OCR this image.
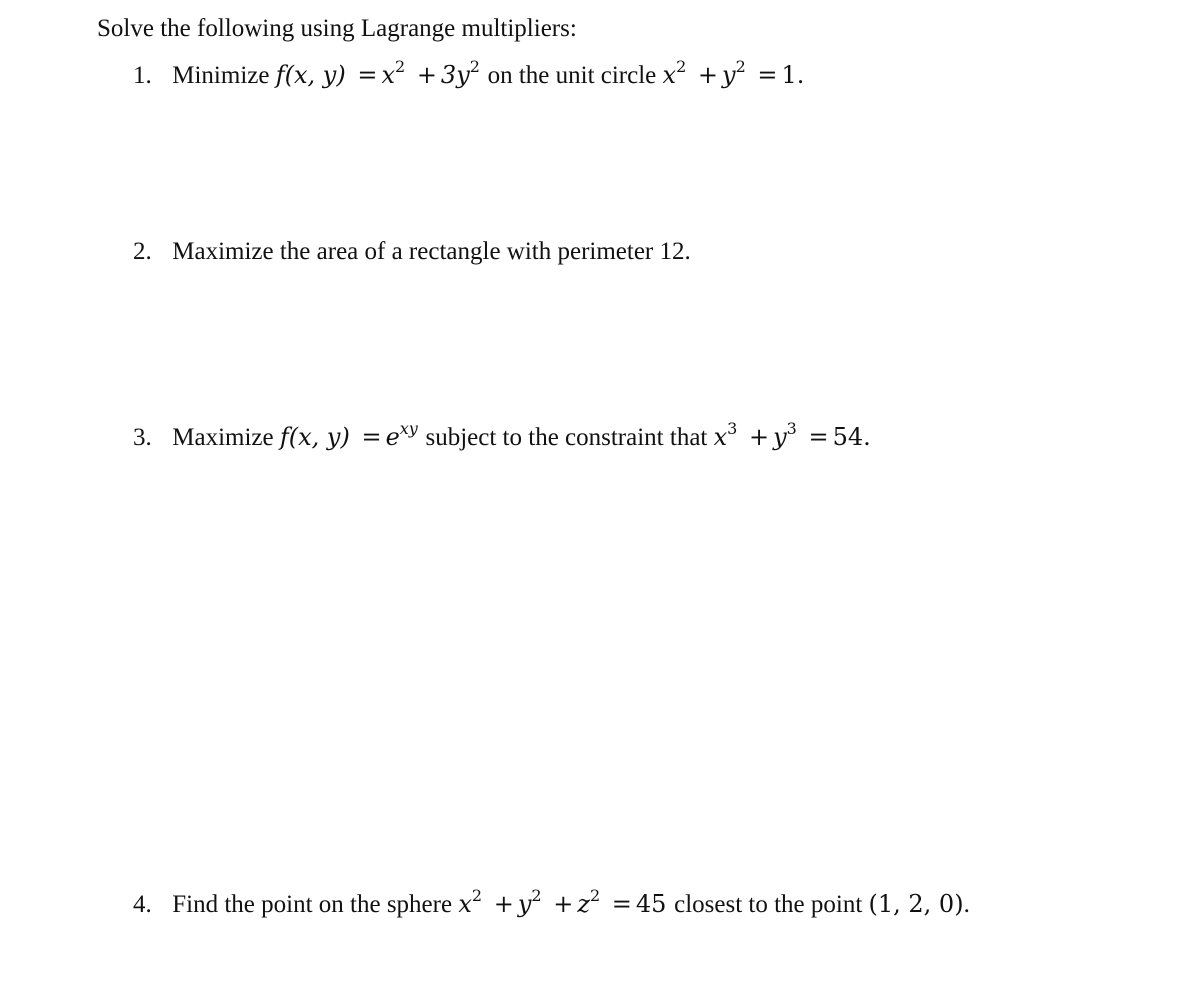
Solve the following using Lagrange multipliers:
1. Minimize f(x, $y) = x^2 + 3y^2$ on the unit circle $x^2 + y^2 = 1$.
2. Maximize the area of a rectangle with perimeter 12.
3. Maximize f(x, $y) = e^{xy}$ subject to the constraint that $x^3 + y^3 = 54$.
4. Find the point on the sphere $x^2 + y^2 + z^2 = 45$ closest to the point (1, 2, 0).
